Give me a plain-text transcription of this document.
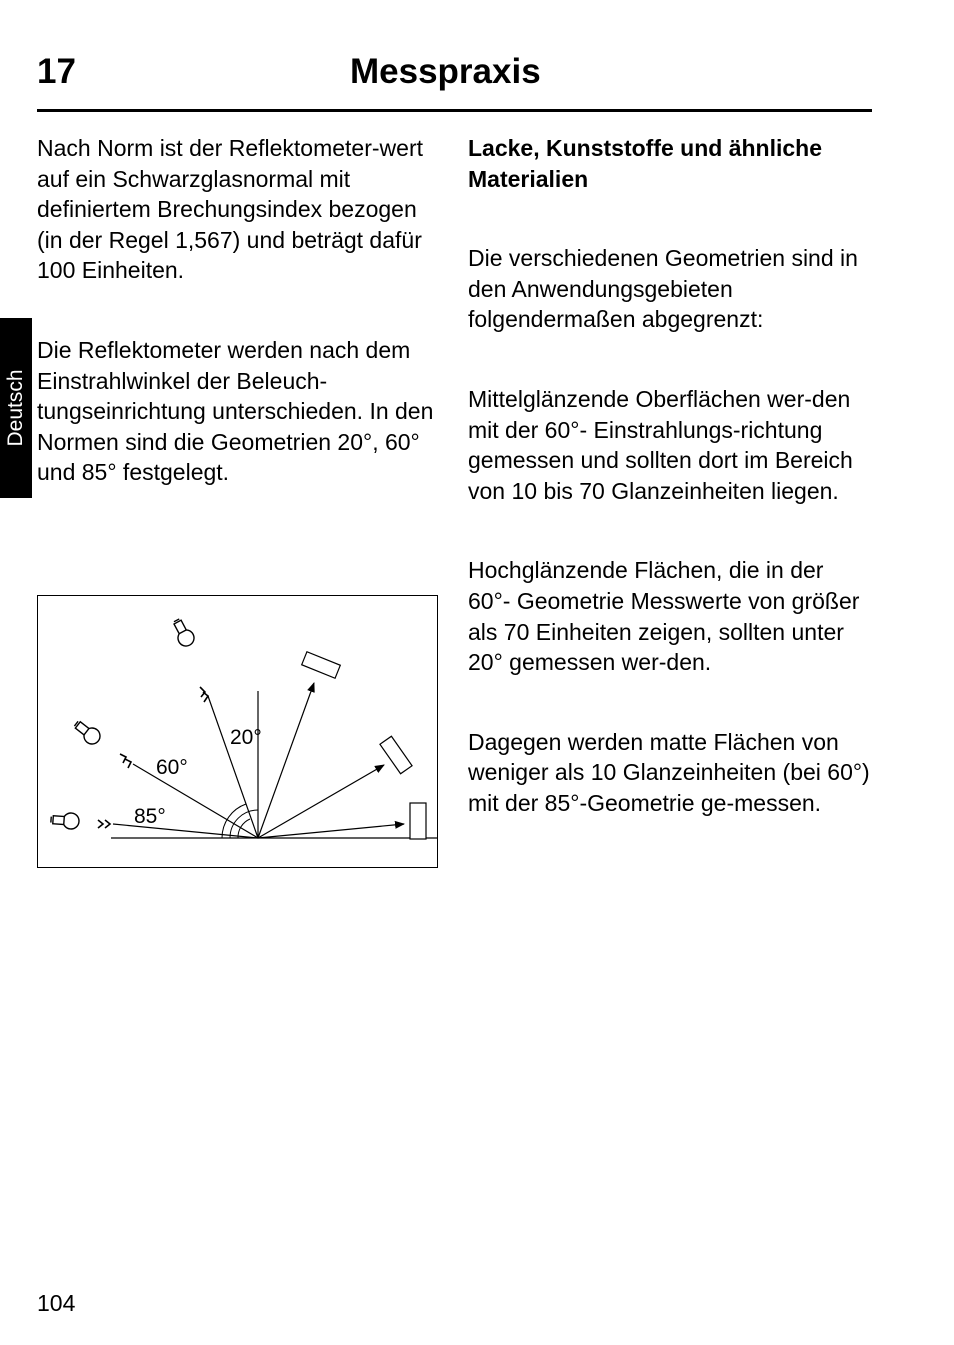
17	Messpraxis
Deutsch

Nach Norm ist der Reflektometer-wert auf ein Schwarzglasnormal mit definiertem Brechungsindex bezogen (in der Regel 1,567) und beträgt dafür 100 Einheiten.

Die Reflektometer werden nach dem Einstrahlwinkel der Beleuch-tungseinrichtung unterschieden. In den Normen sind die Geometrien 20°, 60° und 85° festgelegt.

20°
60°
85°

Lacke, Kunststoffe und ähnliche Materialien

Die verschiedenen Geometrien sind in den Anwendungsgebieten folgendermaßen abgegrenzt:

Mittelglänzende Oberflächen wer-den mit der 60°- Einstrahlungs-richtung gemessen und sollten dort im Bereich von 10 bis 70 Glanzeinheiten liegen.

Hochglänzende Flächen, die in der 60°- Geometrie Messwerte von größer als 70 Einheiten zeigen, sollten unter 20° gemessen wer-den.

Dagegen werden matte Flächen von weniger als 10 Glanzeinheiten (bei 60°) mit der 85°-Geometrie ge-messen.

104
